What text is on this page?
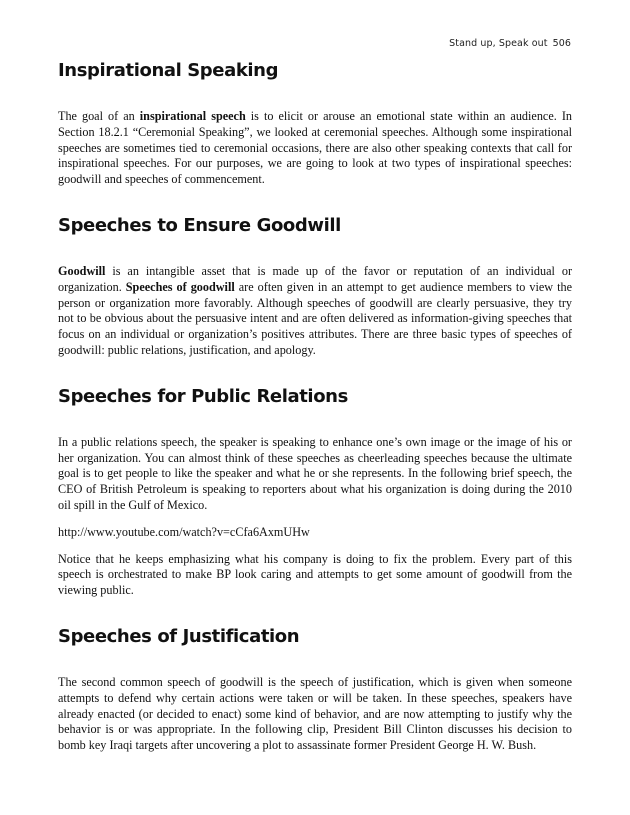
Stand up, Speak out 506
Inspirational Speaking

The goal of an inspirational speech is to elicit or arouse an emotional state within an audience. In Section 18.2.1 “Ceremonial Speaking”, we looked at ceremonial speeches. Although some inspirational speeches are sometimes tied to ceremonial occasions, there are also other speaking contexts that call for inspirational speeches. For our purposes, we are going to look at two types of inspirational speeches: goodwill and speeches of commencement.

Speeches to Ensure Goodwill

Goodwill is an intangible asset that is made up of the favor or reputation of an individual or organization. Speeches of goodwill are often given in an attempt to get audience members to view the person or organization more favorably. Although speeches of goodwill are clearly persuasive, they try not to be obvious about the persuasive intent and are often delivered as information-giving speeches that focus on an individual or organization’s positives attributes. There are three basic types of speeches of goodwill: public relations, justification, and apology.

Speeches for Public Relations

In a public relations speech, the speaker is speaking to enhance one’s own image or the image of his or her organization. You can almost think of these speeches as cheerleading speeches because the ultimate goal is to get people to like the speaker and what he or she represents. In the following brief speech, the CEO of British Petroleum is speaking to reporters about what his organization is doing during the 2010 oil spill in the Gulf of Mexico.

http://www.youtube.com/watch?v=cCfa6AxmUHw

Notice that he keeps emphasizing what his company is doing to fix the problem. Every part of this speech is orchestrated to make BP look caring and attempts to get some amount of goodwill from the viewing public.

Speeches of Justification

The second common speech of goodwill is the speech of justification, which is given when someone attempts to defend why certain actions were taken or will be taken. In these speeches, speakers have already enacted (or decided to enact) some kind of behavior, and are now attempting to justify why the behavior is or was appropriate. In the following clip, President Bill Clinton discusses his decision to bomb key Iraqi targets after uncovering a plot to assassinate former President George H. W. Bush.
